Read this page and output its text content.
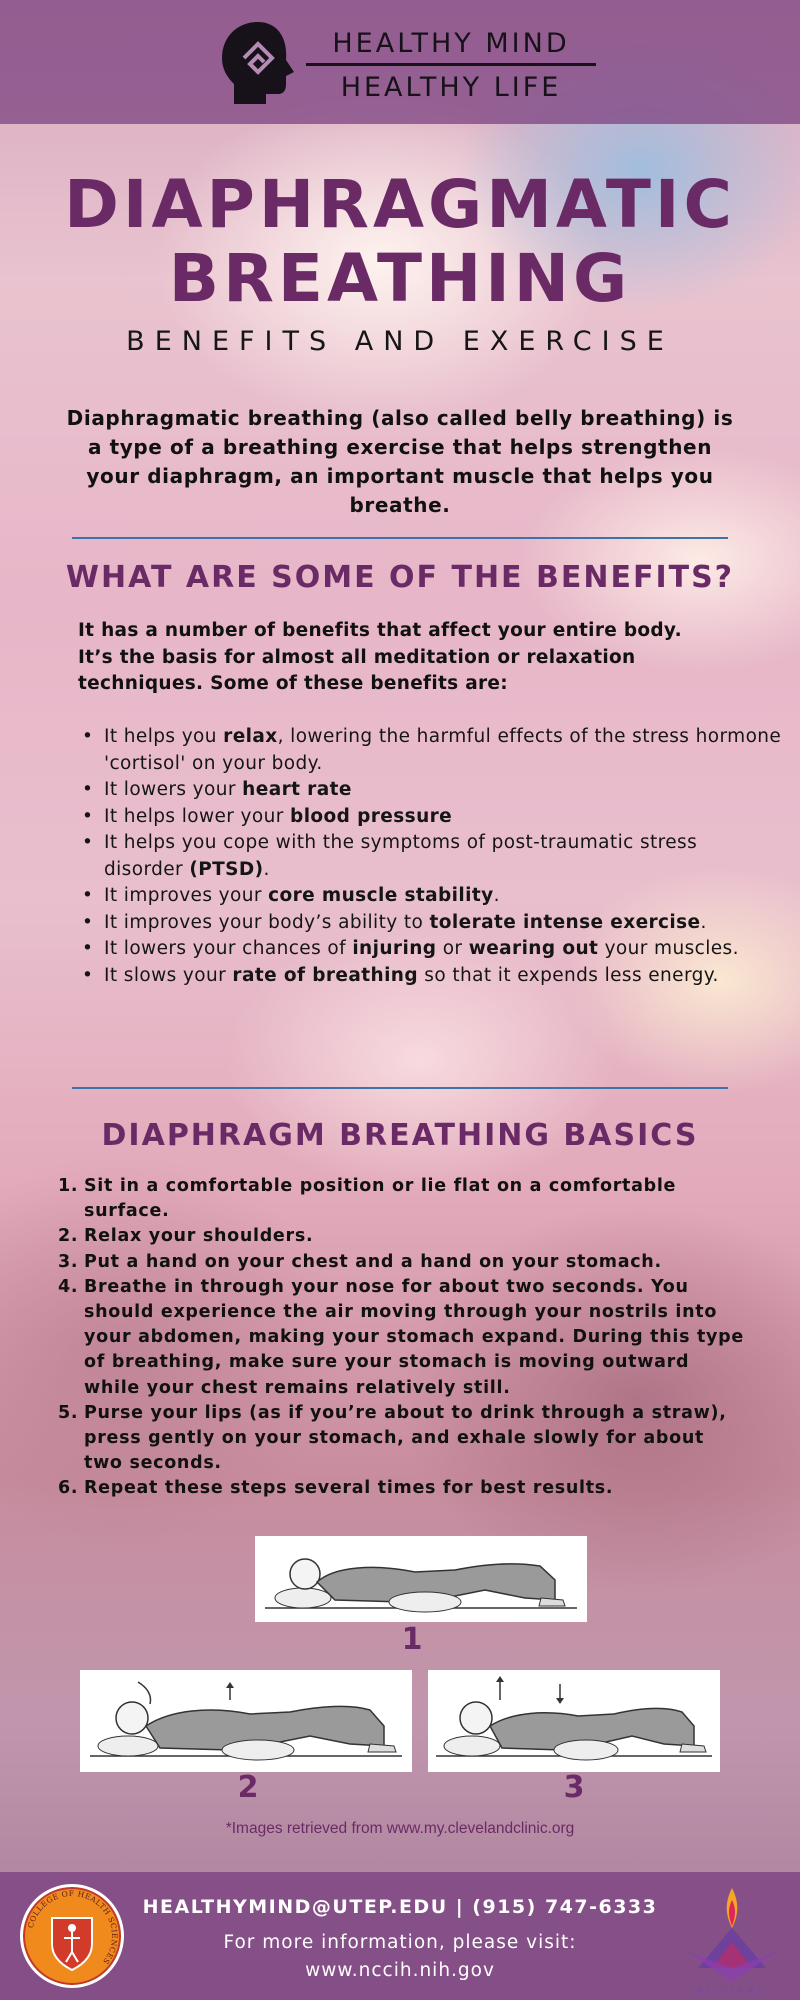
HEALTHY MIND
HEALTHY LIFE
DIAPHRAGMATIC
BREATHING
BENEFITS AND EXERCISE
Diaphragmatic breathing (also called belly breathing) is a type of a breathing exercise that helps strengthen your diaphragm, an important muscle that helps you breathe.
WHAT ARE SOME OF THE BENEFITS?
It has a number of benefits that affect your entire body. It’s the basis for almost all meditation or relaxation techniques. Some of these benefits are:
• It helps you relax, lowering the harmful effects of the stress hormone 'cortisol' on your body.
• It lowers your heart rate
• It helps lower your blood pressure
• It helps you cope with the symptoms of post-traumatic stress disorder (PTSD).
• It improves your core muscle stability.
• It improves your body’s ability to tolerate intense exercise.
• It lowers your chances of injuring or wearing out your muscles.
• It slows your rate of breathing so that it expends less energy.
DIAPHRAGM BREATHING BASICS
1. Sit in a comfortable position or lie flat on a comfortable surface.
2. Relax your shoulders.
3. Put a hand on your chest and a hand on your stomach.
4. Breathe in through your nose for about two seconds. You should experience the air moving through your nostrils into your abdomen, making your stomach expand. During this type of breathing, make sure your stomach is moving outward while your chest remains relatively still.
5. Purse your lips (as if you’re about to drink through a straw), press gently on your stomach, and exhale slowly for about two seconds.
6. Repeat these steps several times for best results.
1
2	3
*Images retrieved from www.my.clevelandclinic.org
COLLEGE OF HEALTH SCIENCES
HEALTHYMIND@UTEP.EDU | (915) 747-6333
For more information, please visit:
www.nccih.nih.gov
ALIVIANE
